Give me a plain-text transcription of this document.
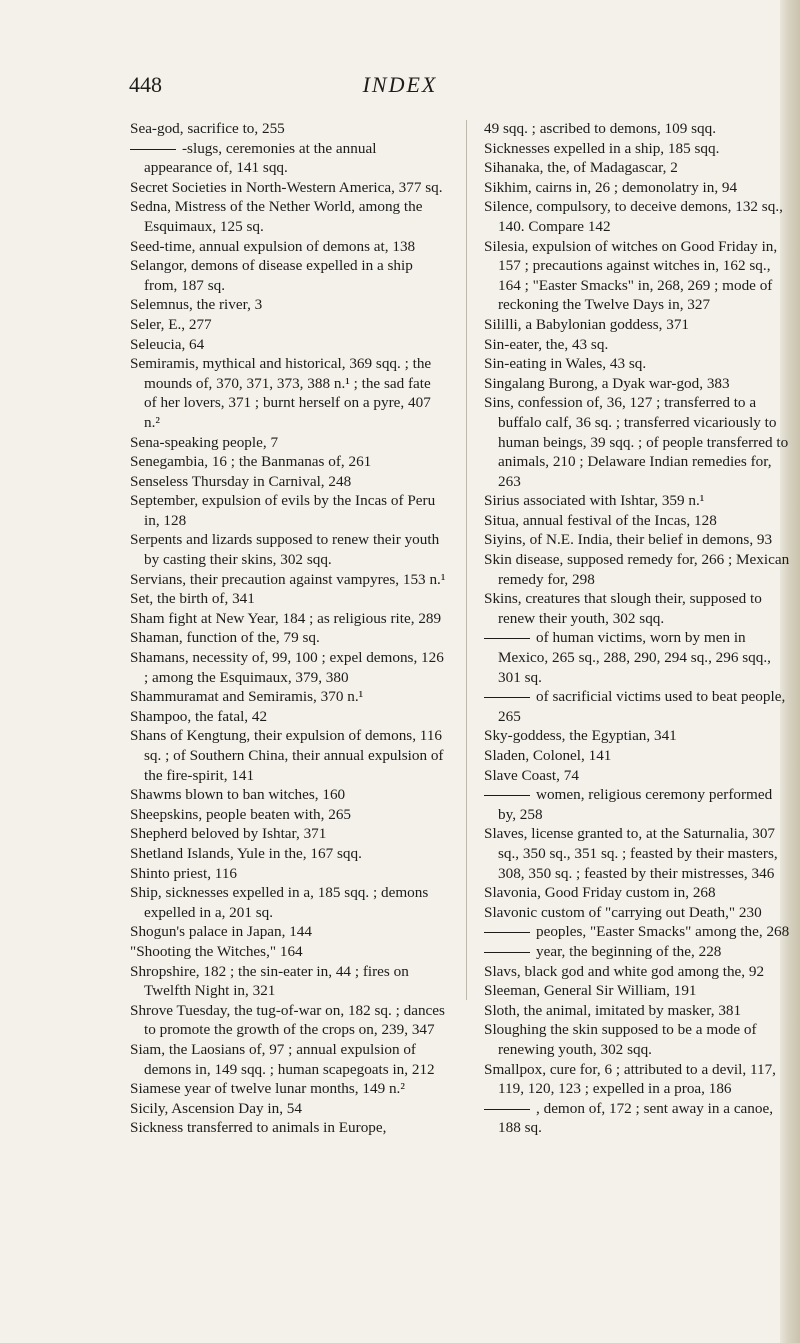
448	INDEX

Sea-god, sacrifice to, 255

-slugs, ceremonies at the annual appearance of, 141 sqq.

Secret Societies in North-Western America, 377 sq.

Sedna, Mistress of the Nether World, among the Esquimaux, 125 sq.

Seed-time, annual expulsion of demons at, 138

Selangor, demons of disease expelled in a ship from, 187 sq.

Selemnus, the river, 3

Seler, E., 277

Seleucia, 64

Semiramis, mythical and historical, 369 sqq. ; the mounds of, 370, 371, 373, 388 n.¹ ; the sad fate of her lovers, 371 ; burnt herself on a pyre, 407 n.²

Sena-speaking people, 7

Senegambia, 16 ; the Banmanas of, 261

Senseless Thursday in Carnival, 248

September, expulsion of evils by the Incas of Peru in, 128

Serpents and lizards supposed to renew their youth by casting their skins, 302 sqq.

Servians, their precaution against vampyres, 153 n.¹

Set, the birth of, 341

Sham fight at New Year, 184 ; as religious rite, 289

Shaman, function of the, 79 sq.

Shamans, necessity of, 99, 100 ; expel demons, 126 ; among the Esquimaux, 379, 380

Shammuramat and Semiramis, 370 n.¹

Shampoo, the fatal, 42

Shans of Kengtung, their expulsion of demons, 116 sq. ; of Southern China, their annual expulsion of the fire-spirit, 141

Shawms blown to ban witches, 160

Sheepskins, people beaten with, 265

Shepherd beloved by Ishtar, 371

Shetland Islands, Yule in the, 167 sqq.

Shinto priest, 116

Ship, sicknesses expelled in a, 185 sqq. ; demons expelled in a, 201 sq.

Shogun's palace in Japan, 144

"Shooting the Witches," 164

Shropshire, 182 ; the sin-eater in, 44 ; fires on Twelfth Night in, 321

Shrove Tuesday, the tug-of-war on, 182 sq. ; dances to promote the growth of the crops on, 239, 347

Siam, the Laosians of, 97 ; annual expulsion of demons in, 149 sqq. ; human scapegoats in, 212

Siamese year of twelve lunar months, 149 n.²

Sicily, Ascension Day in, 54

Sickness transferred to animals in Europe,

49 sqq. ; ascribed to demons, 109 sqq.

Sicknesses expelled in a ship, 185 sqq.

Sihanaka, the, of Madagascar, 2

Sikhim, cairns in, 26 ; demonolatry in, 94

Silence, compulsory, to deceive demons, 132 sq., 140. Compare 142

Silesia, expulsion of witches on Good Friday in, 157 ; precautions against witches in, 162 sq., 164 ; "Easter Smacks" in, 268, 269 ; mode of reckoning the Twelve Days in, 327

Sililli, a Babylonian goddess, 371

Sin-eater, the, 43 sq.

Sin-eating in Wales, 43 sq.

Singalang Burong, a Dyak war-god, 383

Sins, confession of, 36, 127 ; transferred to a buffalo calf, 36 sq. ; transferred vicariously to human beings, 39 sqq. ; of people transferred to animals, 210 ; Delaware Indian remedies for, 263

Sirius associated with Ishtar, 359 n.¹

Situa, annual festival of the Incas, 128

Siyins, of N.E. India, their belief in demons, 93

Skin disease, supposed remedy for, 266 ; Mexican remedy for, 298

Skins, creatures that slough their, supposed to renew their youth, 302 sqq.

of human victims, worn by men in Mexico, 265 sq., 288, 290, 294 sq., 296 sqq., 301 sq.

of sacrificial victims used to beat people, 265

Sky-goddess, the Egyptian, 341

Sladen, Colonel, 141

Slave Coast, 74

women, religious ceremony performed by, 258

Slaves, license granted to, at the Saturnalia, 307 sq., 350 sq., 351 sq. ; feasted by their masters, 308, 350 sq. ; feasted by their mistresses, 346

Slavonia, Good Friday custom in, 268

Slavonic custom of "carrying out Death," 230

peoples, "Easter Smacks" among the, 268

year, the beginning of the, 228

Slavs, black god and white god among the, 92

Sleeman, General Sir William, 191

Sloth, the animal, imitated by masker, 381

Sloughing the skin supposed to be a mode of renewing youth, 302 sqq.

Smallpox, cure for, 6 ; attributed to a devil, 117, 119, 120, 123 ; expelled in a proa, 186

, demon of, 172 ; sent away in a canoe, 188 sq.
